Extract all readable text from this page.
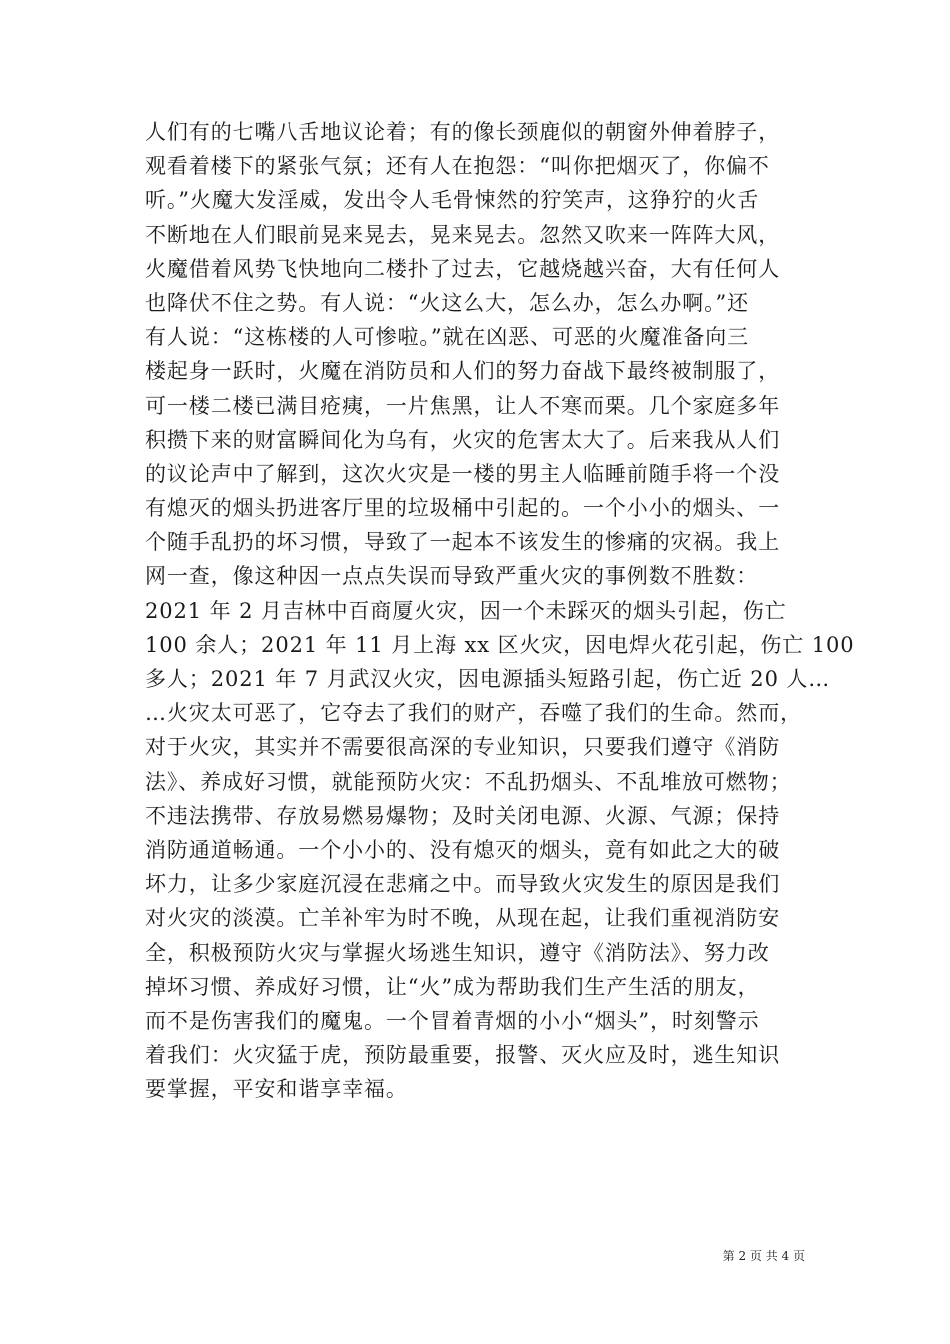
人们有的七嘴八舌地议论着；有的像长颈鹿似的朝窗外伸着脖子，
观看着楼下的紧张气氛；还有人在抱怨：“叫你把烟灭了，你偏不
听。”火魔大发淫威，发出令人毛骨悚然的狞笑声，这狰狞的火舌
不断地在人们眼前晃来晃去，晃来晃去。忽然又吹来一阵阵大风，
火魔借着风势飞快地向二楼扑了过去，它越烧越兴奋，大有任何人
也降伏不住之势。有人说：“火这么大，怎么办，怎么办啊。”还
有人说：“这栋楼的人可惨啦。”就在凶恶、可恶的火魔准备向三
楼起身一跃时，火魔在消防员和人们的努力奋战下最终被制服了，
可一楼二楼已满目疮痍，一片焦黑，让人不寒而栗。几个家庭多年
积攒下来的财富瞬间化为乌有，火灾的危害太大了。后来我从人们
的议论声中了解到，这次火灾是一楼的男主人临睡前随手将一个没
有熄灭的烟头扔进客厅里的垃圾桶中引起的。一个小小的烟头、一
个随手乱扔的坏习惯，导致了一起本不该发生的惨痛的灾祸。我上
网一查，像这种因一点点失误而导致严重火灾的事例数不胜数：
2021 年 2 月吉林中百商厦火灾，因一个未踩灭的烟头引起，伤亡
100 余人；2021 年 11 月上海 xx 区火灾，因电焊火花引起，伤亡 100
多人；2021 年 7 月武汉火灾，因电源插头短路引起，伤亡近 20 人…
…火灾太可恶了，它夺去了我们的财产，吞噬了我们的生命。然而，
对于火灾，其实并不需要很高深的专业知识，只要我们遵守《消防
法》、养成好习惯，就能预防火灾：不乱扔烟头、不乱堆放可燃物；
不违法携带、存放易燃易爆物；及时关闭电源、火源、气源；保持
消防通道畅通。一个小小的、没有熄灭的烟头，竟有如此之大的破
坏力，让多少家庭沉浸在悲痛之中。而导致火灾发生的原因是我们
对火灾的淡漠。亡羊补牢为时不晚，从现在起，让我们重视消防安
全，积极预防火灾与掌握火场逃生知识，遵守《消防法》、努力改
掉坏习惯、养成好习惯，让“火”成为帮助我们生产生活的朋友，
而不是伤害我们的魔鬼。一个冒着青烟的小小“烟头”，时刻警示
着我们：火灾猛于虎，预防最重要，报警、灭火应及时，逃生知识
要掌握，平安和谐享幸福。
第 2 页 共 4 页
